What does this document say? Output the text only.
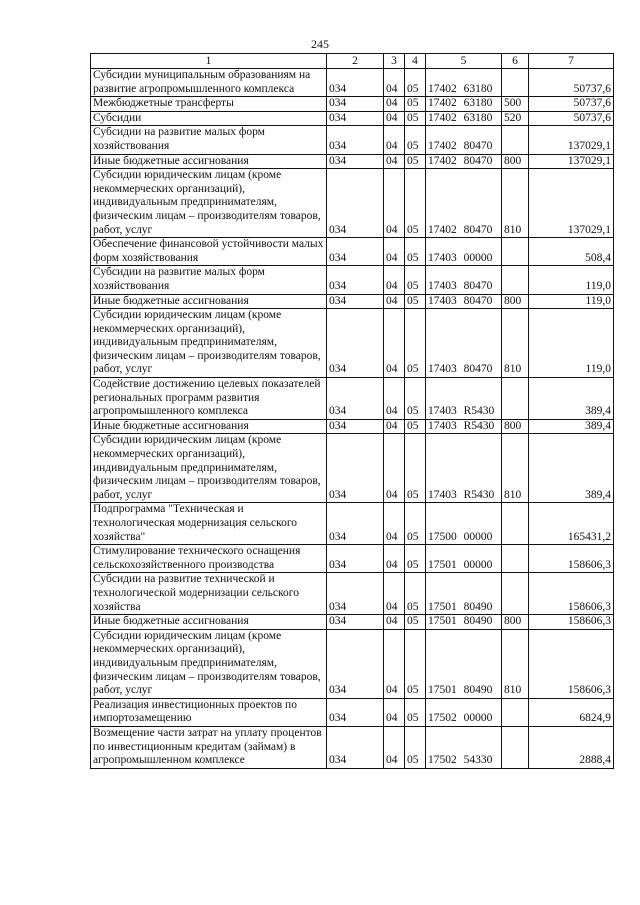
245
1	2	3	4	5	6	7
Субсидии муниципальным образованиям на развитие агропромышленного комплекса	034	04	05	17402 63180		50737,6
Межбюджетные трансферты	034	04	05	17402 63180	500	50737,6
Субсидии	034	04	05	17402 63180	520	50737,6
Субсидии на развитие малых форм хозяйствования	034	04	05	17402 80470		137029,1
Иные бюджетные ассигнования	034	04	05	17402 80470	800	137029,1
Субсидии юридическим лицам (кроме некоммерческих организаций), индивидуальным предпринимателям, физическим лицам – производителям товаров, работ, услуг	034	04	05	17402 80470	810	137029,1
Обеспечение финансовой устойчивости малых форм хозяйствования	034	04	05	17403 00000		508,4
Субсидии на развитие малых форм хозяйствования	034	04	05	17403 80470		119,0
Иные бюджетные ассигнования	034	04	05	17403 80470	800	119,0
Субсидии юридическим лицам (кроме некоммерческих организаций), индивидуальным предпринимателям, физическим лицам – производителям товаров, работ, услуг	034	04	05	17403 80470	810	119,0
Содействие достижению целевых показателей региональных программ развития агропромышленного комплекса	034	04	05	17403 R5430		389,4
Иные бюджетные ассигнования	034	04	05	17403 R5430	800	389,4
Субсидии юридическим лицам (кроме некоммерческих организаций), индивидуальным предпринимателям, физическим лицам – производителям товаров, работ, услуг	034	04	05	17403 R5430	810	389,4
Подпрограмма "Техническая и технологическая модернизация сельского хозяйства"	034	04	05	17500 00000		165431,2
Стимулирование технического оснащения сельскохозяйственного производства	034	04	05	17501 00000		158606,3
Субсидии на развитие технической и технологической модернизации сельского хозяйства	034	04	05	17501 80490		158606,3
Иные бюджетные ассигнования	034	04	05	17501 80490	800	158606,3
Субсидии юридическим лицам (кроме некоммерческих организаций), индивидуальным предпринимателям, физическим лицам – производителям товаров, работ, услуг	034	04	05	17501 80490	810	158606,3
Реализация инвестиционных проектов по импортозамещению	034	04	05	17502 00000		6824,9
Возмещение части затрат на уплату процентов по инвестиционным кредитам (займам) в агропромышленном комплексе	034	04	05	17502 54330		2888,4
